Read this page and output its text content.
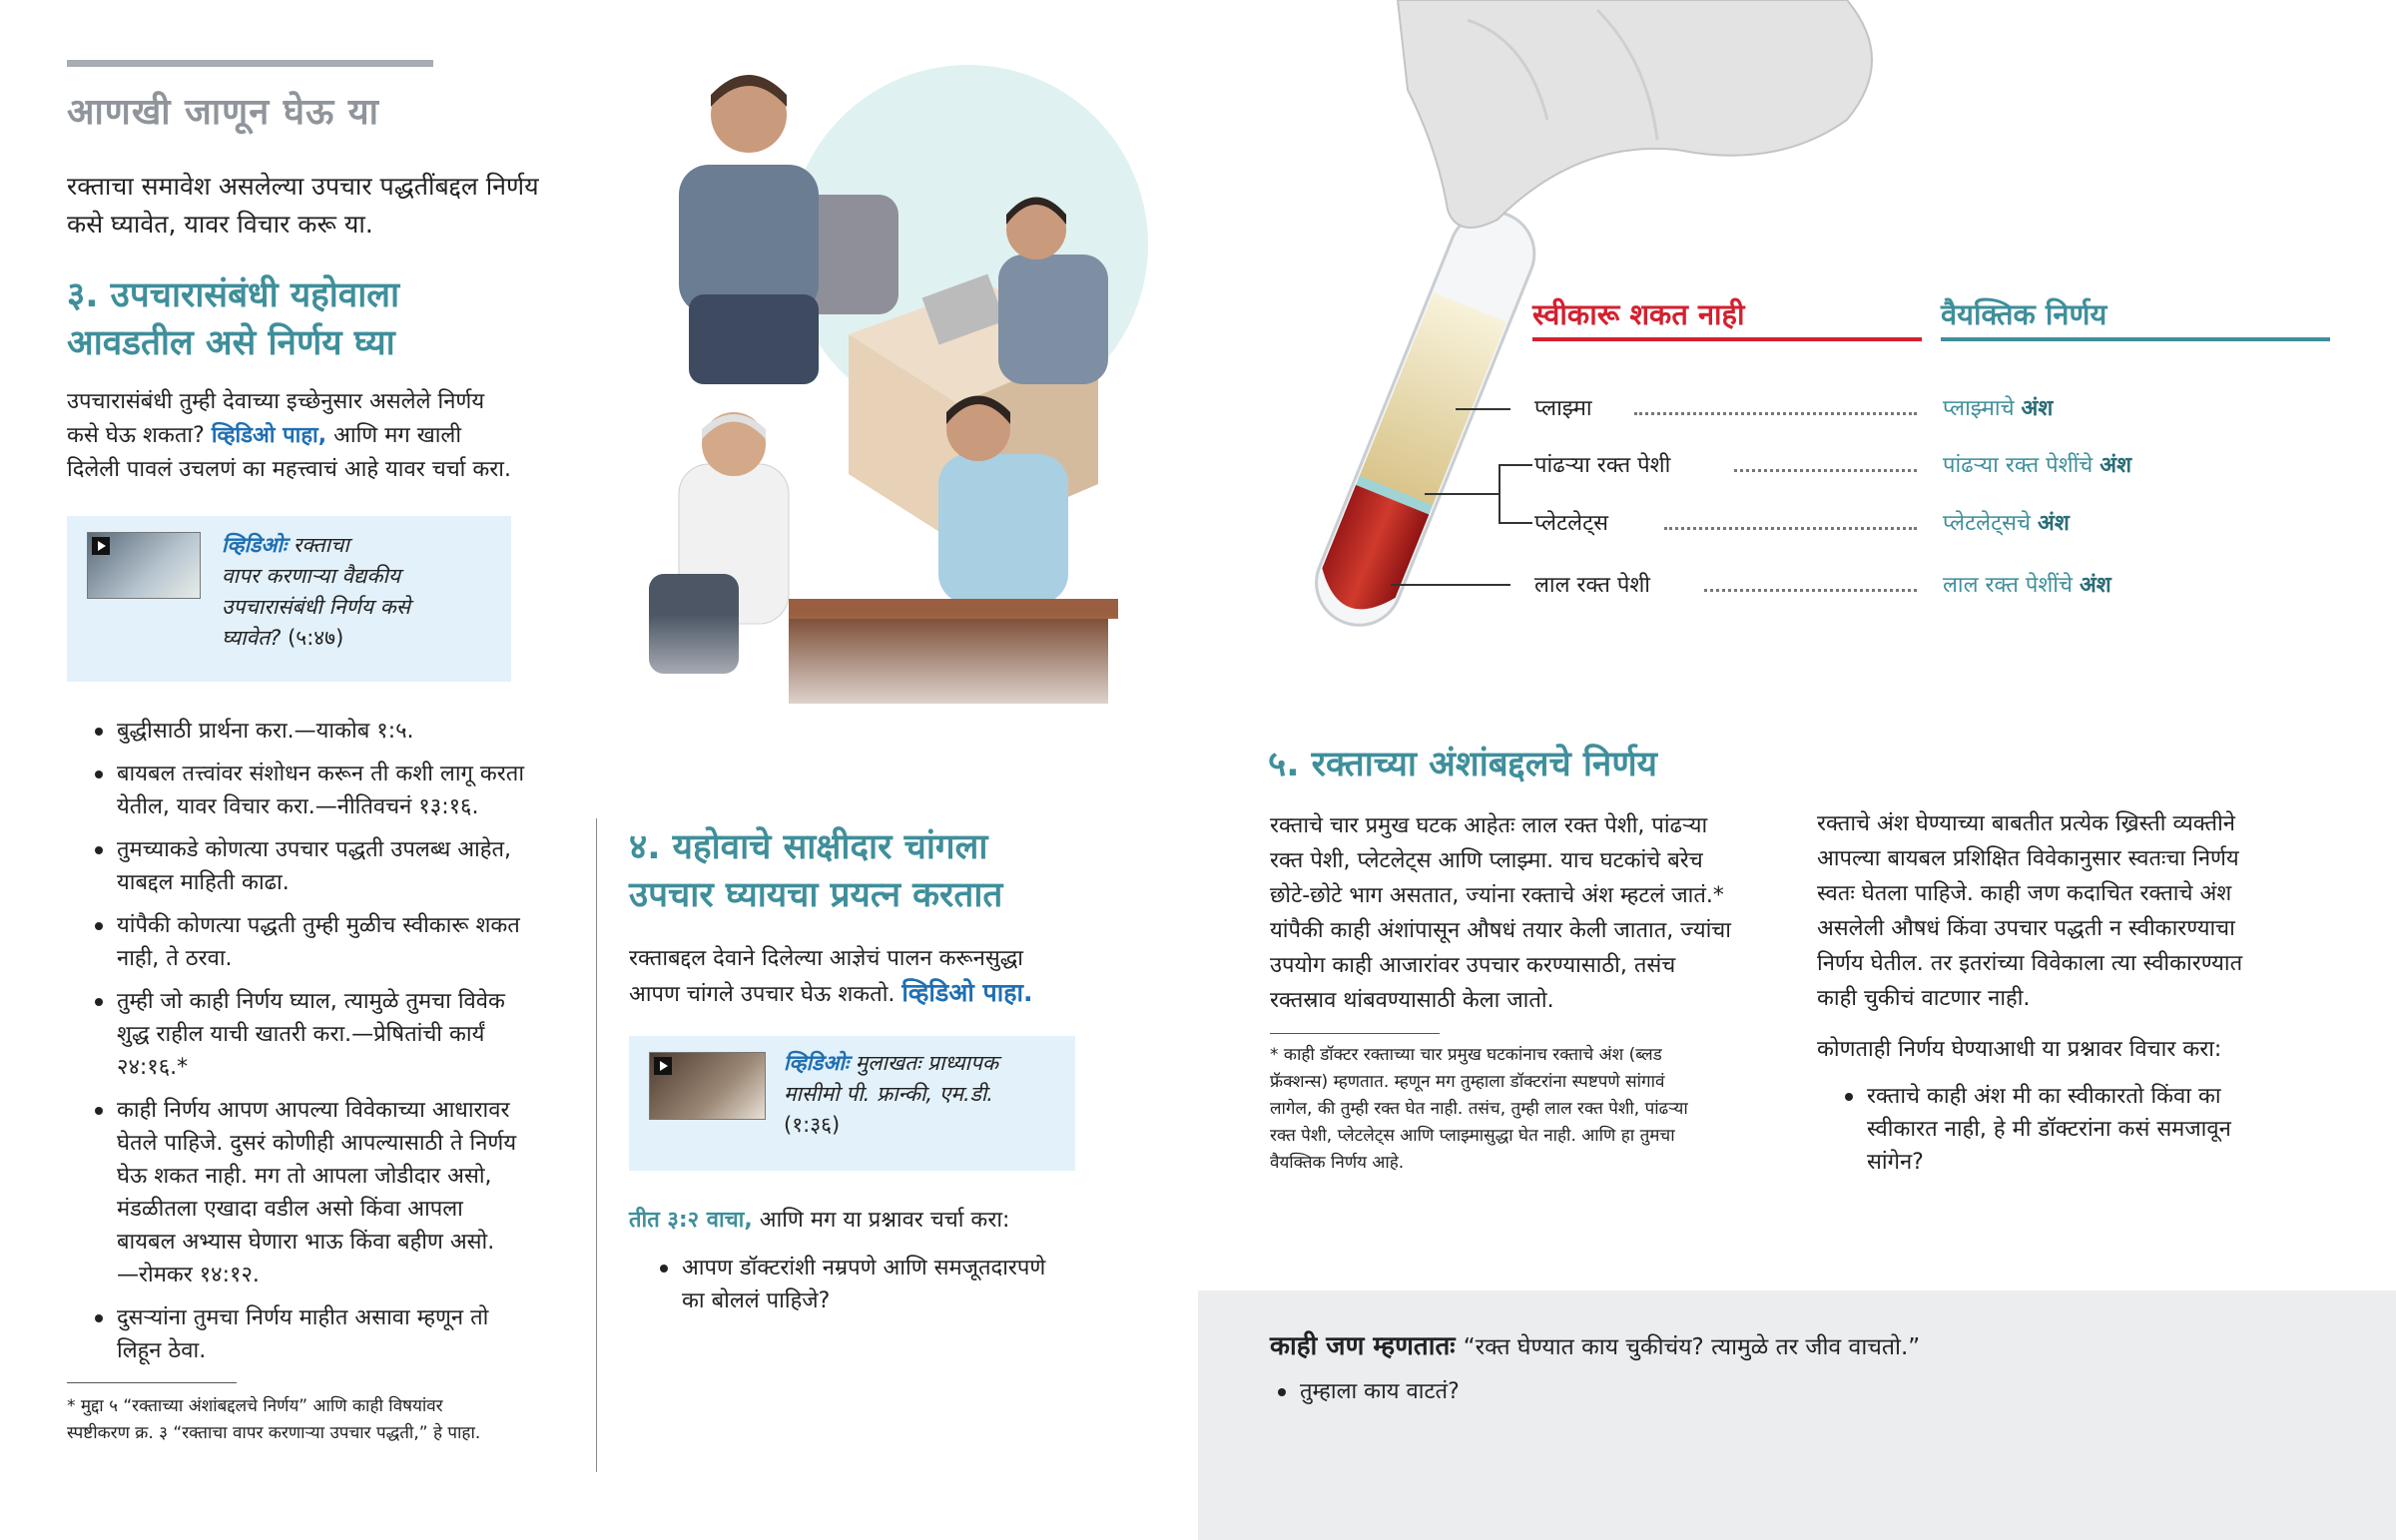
आणखी जाणून घेऊ या
रक्ताचा समावेश असलेल्या उपचार पद्धतींबद्दल निर्णय कसे घ्यावेत, यावर विचार करू या.
३. उपचारासंबंधी यहोवाला
आवडतील असे निर्णय घ्या
उपचारासंबंधी तुम्ही देवाच्या इच्छेनुसार असलेले निर्णय
कसे घेऊ शकता? व्हिडिओ पाहा, आणि मग खाली
दिलेली पावलं उचलणं का महत्त्वाचं आहे यावर चर्चा करा.
व्हिडिओः रक्ताचा
वापर करणाऱ्या वैद्यकीय
उपचारासंबंधी निर्णय कसे
घ्यावेत? (५:४७)
बुद्धीसाठी प्रार्थना करा.—याकोब १:५.
बायबल तत्त्वांवर संशोधन करून ती कशी लागू करता
येतील, यावर विचार करा.—नीतिवचनं १३:१६.
तुमच्याकडे कोणत्या उपचार पद्धती उपलब्ध आहेत,
याबद्दल माहिती काढा.
यांपैकी कोणत्या पद्धती तुम्ही मुळीच स्वीकारू शकत
नाही, ते ठरवा.
तुम्ही जो काही निर्णय घ्याल, त्यामुळे तुमचा विवेक
शुद्ध राहील याची खातरी करा.—प्रेषितांची कार्यं
२४:१६.*
काही निर्णय आपण आपल्या विवेकाच्या आधारावर
घेतले पाहिजे. दुसरं कोणीही आपल्यासाठी ते निर्णय
घेऊ शकत नाही. मग तो आपला जोडीदार असो,
मंडळीतला एखादा वडील असो किंवा आपला
बायबल अभ्यास घेणारा भाऊ किंवा बहीण असो.
—रोमकर १४:१२.
दुसऱ्यांना तुमचा निर्णय माहीत असावा म्हणून तो
लिहून ठेवा.
* मुद्दा ५ “रक्ताच्या अंशांबद्दलचे निर्णय” आणि काही विषयांवर
स्पष्टीकरण क्र. ३ “रक्ताचा वापर करणाऱ्या उपचार पद्धती,” हे पाहा.
४. यहोवाचे साक्षीदार चांगला
उपचार घ्यायचा प्रयत्न करतात
रक्ताबद्दल देवाने दिलेल्या आज्ञेचं पालन करूनसुद्धा
आपण चांगले उपचार घेऊ शकतो. व्हिडिओ पाहा.
व्हिडिओः मुलाखतः प्राध्यापक
मासीमो पी. फ्रान्की, एम.डी.
(१:३६)
तीत ३:२ वाचा, आणि मग या प्रश्नावर चर्चा करा:
आपण डॉक्टरांशी नम्रपणे आणि समजूतदारपणे
का बोललं पाहिजे?
स्वीकारू शकत नाही	वैयक्तिक निर्णय
प्लाझ्मा	प्लाझ्माचे अंश
पांढऱ्या रक्त पेशी	पांढऱ्या रक्त पेशींचे अंश
प्लेटलेट्स	प्लेटलेट्सचे अंश
लाल रक्त पेशी	लाल रक्त पेशींचे अंश
५. रक्ताच्या अंशांबद्दलचे निर्णय
रक्ताचे चार प्रमुख घटक आहेतः लाल रक्त पेशी, पांढऱ्या
रक्त पेशी, प्लेटलेट्स आणि प्लाझ्मा. याच घटकांचे बरेच
छोटे-छोटे भाग असतात, ज्यांना रक्ताचे अंश म्हटलं जातं.*
यांपैकी काही अंशांपासून औषधं तयार केली जातात, ज्यांचा
उपयोग काही आजारांवर उपचार करण्यासाठी, तसंच
रक्तस्राव थांबवण्यासाठी केला जातो.
* काही डॉक्टर रक्ताच्या चार प्रमुख घटकांनाच रक्ताचे अंश (ब्लड
फ्रॅक्शन्स) म्हणतात. म्हणून मग तुम्हाला डॉक्टरांना स्पष्टपणे सांगावं
लागेल, की तुम्ही रक्त घेत नाही. तसंच, तुम्ही लाल रक्त पेशी, पांढऱ्या
रक्त पेशी, प्लेटलेट्स आणि प्लाझ्मासुद्धा घेत नाही. आणि हा तुमचा
वैयक्तिक निर्णय आहे.
रक्ताचे अंश घेण्याच्या बाबतीत प्रत्येक ख्रिस्ती व्यक्तीने
आपल्या बायबल प्रशिक्षित विवेकानुसार स्वतःचा निर्णय
स्वतः घेतला पाहिजे. काही जण कदाचित रक्ताचे अंश
असलेली औषधं किंवा उपचार पद्धती न स्वीकारण्याचा
निर्णय घेतील. तर इतरांच्या विवेकाला त्या स्वीकारण्यात
काही चुकीचं वाटणार नाही.
कोणताही निर्णय घेण्याआधी या प्रश्नावर विचार करा:
रक्ताचे काही अंश मी का स्वीकारतो किंवा का
स्वीकारत नाही, हे मी डॉक्टरांना कसं समजावून
सांगेन?
काही जण म्हणतातः “रक्त घेण्यात काय चुकीचंय? त्यामुळे तर जीव वाचतो.”
तुम्हाला काय वाटतं?
